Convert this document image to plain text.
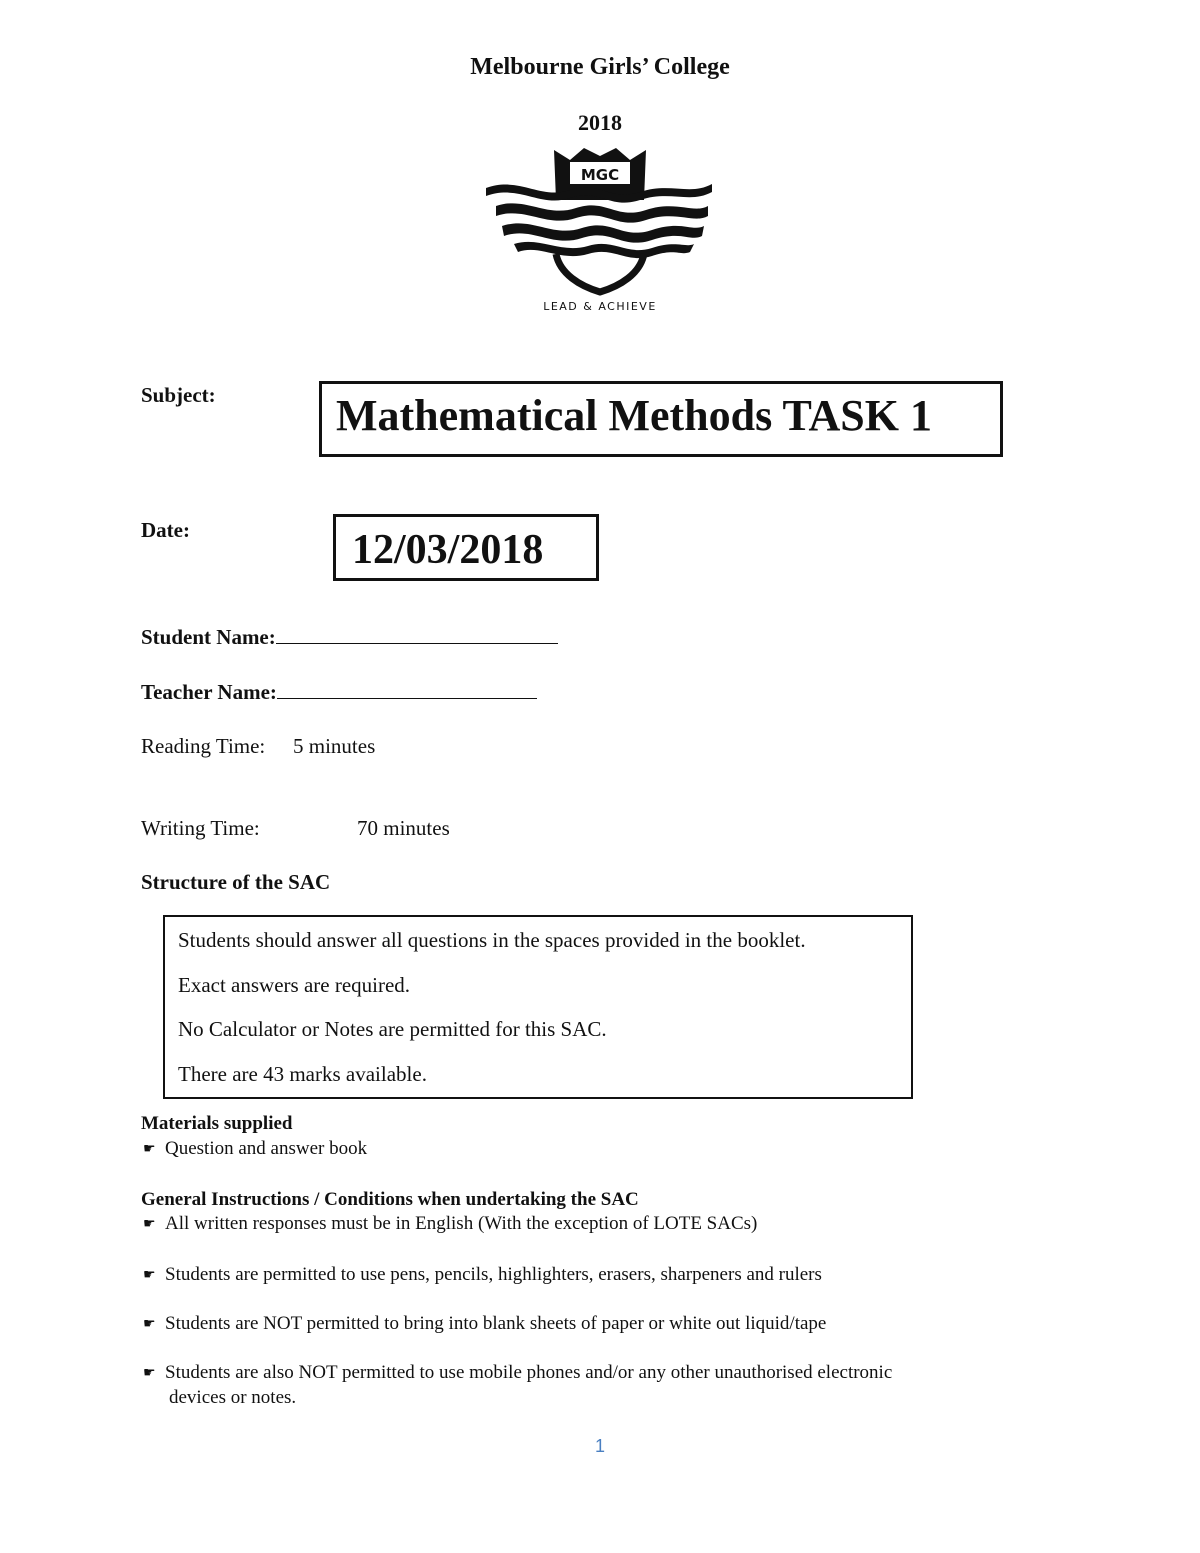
Melbourne Girls’ College
2018
MGC
LEAD & ACHIEVE
Subject:	Mathematical Methods TASK 1
Date:	12/03/2018
Student Name:
Teacher Name:
Reading Time: 5 minutes
Writing Time:	70 minutes
Structure of the SAC
Students should answer all questions in the spaces provided in the booklet.
Exact answers are required.
No Calculator or Notes are permitted for this SAC.
There are 43 marks available.
Materials supplied
☛ Question and answer book
General Instructions / Conditions when undertaking the SAC
☛ All written responses must be in English (With the exception of LOTE SACs)
☛ Students are permitted to use pens, pencils, highlighters, erasers, sharpeners and rulers
☛ Students are NOT permitted to bring into blank sheets of paper or white out liquid/tape
☛ Students are also NOT permitted to use mobile phones and/or any other unauthorised electronic
devices or notes.
1
